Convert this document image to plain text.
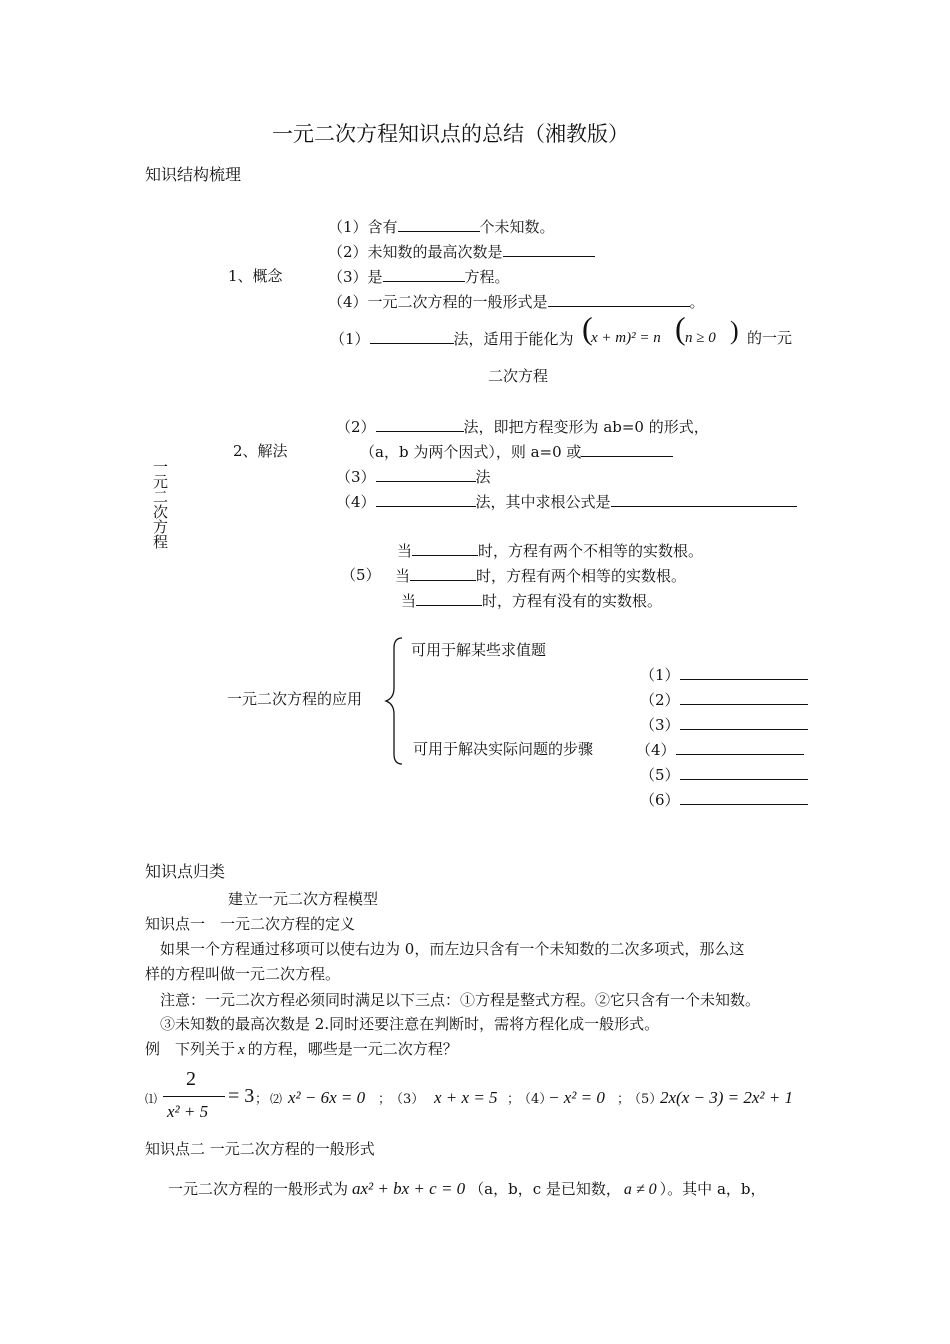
一元二次方程知识点的总结（湘教版）
知识结构梳理
一元二次方程
1、概念
（1）含有	个未知数。
（2）未知数的最高次数是
（3）是	方程。
（4）一元二次方程的一般形式是	。
（1）	法，适用于能化为 (
x + m)² = n ( n ≥ 0 ) 的一元
二次方程
2、解法
（2）	法，即把方程变形为 ab=0 的形式，
（a，b 为两个因式），则 a=0 或
（3）	法
（4）	法，其中求根公式是
当	时，方程有两个不相等的实数根。
（5） 当	时，方程有两个相等的实数根。
当	时，方程有没有的实数根。
一元二次方程的应用
可用于解某些求值题
可用于解决实际问题的步骤
（1）
（2）
（3）
（4）
（5）
（6）
知识点归类
建立一元二次方程模型
知识点一　一元二次方程的定义
如果一个方程通过移项可以使右边为 0，而左边只含有一个未知数的二次多项式，那么这
样的方程叫做一元二次方程。
注意：一元二次方程必须同时满足以下三点：①方程是整式方程。②它只含有一个未知数。
③未知数的最高次数是 2.同时还要注意在判断时，需将方程化成一般形式。
例　下列关于 x 的方程，哪些是一元二次方程？
⑴
2
x² + 5
= 3 ； ⑵ x² − 6x = 0 ；
（3） x + x = 5 ；
（4）
− x² = 0 ；
（5）
2x(x − 3) = 2x² + 1
知识点二 一元二次方程的一般形式
一元二次方程的一般形式为 ax² + bx + c = 0 （a，b，c 是已知数， a ≠ 0 ）。其中 a，b，
